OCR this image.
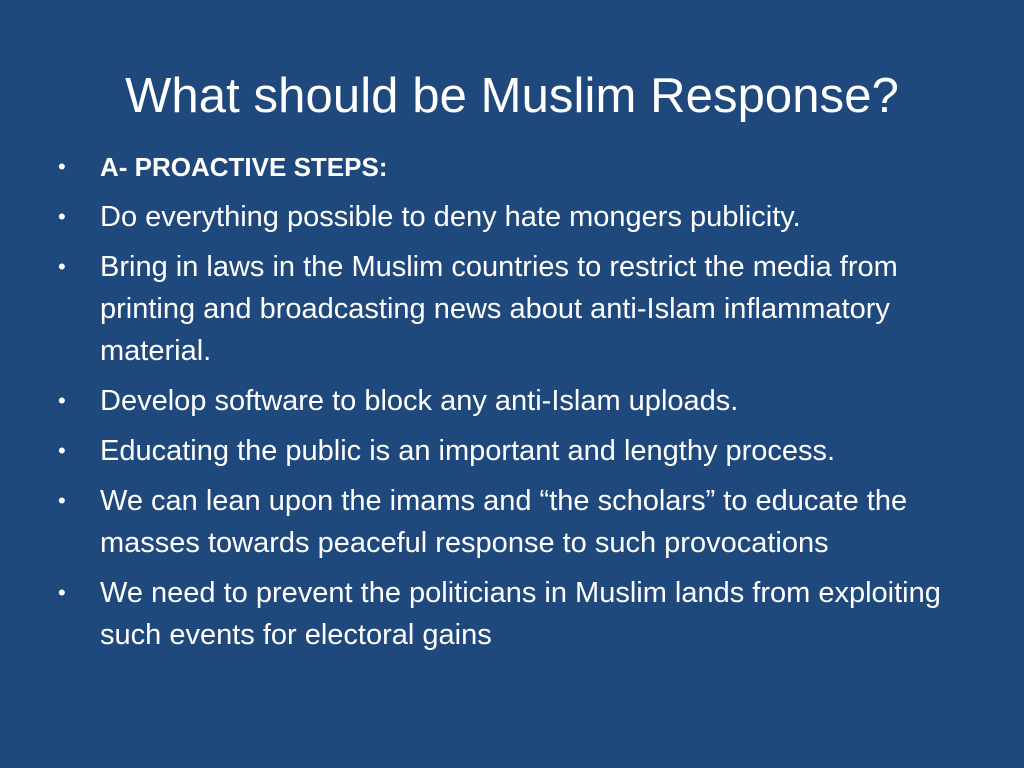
What should be Muslim Response?
•	A- PROACTIVE STEPS:
•	Do everything possible to deny hate mongers publicity.
•	Bring in laws in the Muslim countries to restrict the media from printing and broadcasting news about anti-Islam inflammatory material.
•	Develop software to block any anti-Islam uploads.
•	Educating the public is an important and lengthy process.
•	We can lean upon the imams and “the scholars” to educate the masses towards peaceful response to such provocations
•	We need to prevent the politicians in Muslim lands from exploiting such events for electoral gains
